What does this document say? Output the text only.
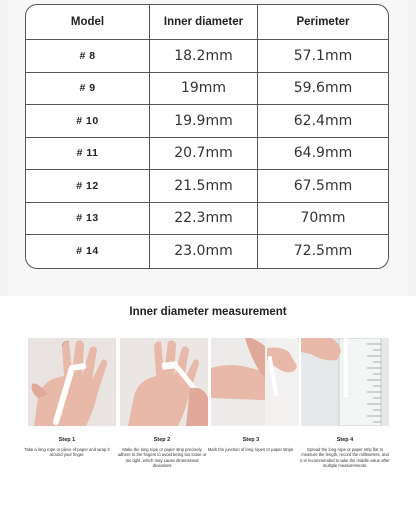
Model	Inner diameter	Perimeter
# 8	18.2mm	57.1mm
# 9	19mm	59.6mm
# 10	19.9mm	62.4mm
# 11	20.7mm	64.9mm
# 12	21.5mm	67.5mm
# 13	22.3mm	70mm
# 14	23.0mm	72.5mm
Inner diameter measurement
Step 1
Take a long rope or piece of paper and wrap it around your finger.
Step 2
Make the long rope or paper strip precisely adhere to the fingers to avoid being too loose or too tight, which may cause dimensional deviations
Step 3
Mark the junction of long ropes or paper strips.
Step 4
Spread the long rope or paper strip flat to measure the length, record the millimeters, and it is recommended to take the middle value after multiple measurements.
